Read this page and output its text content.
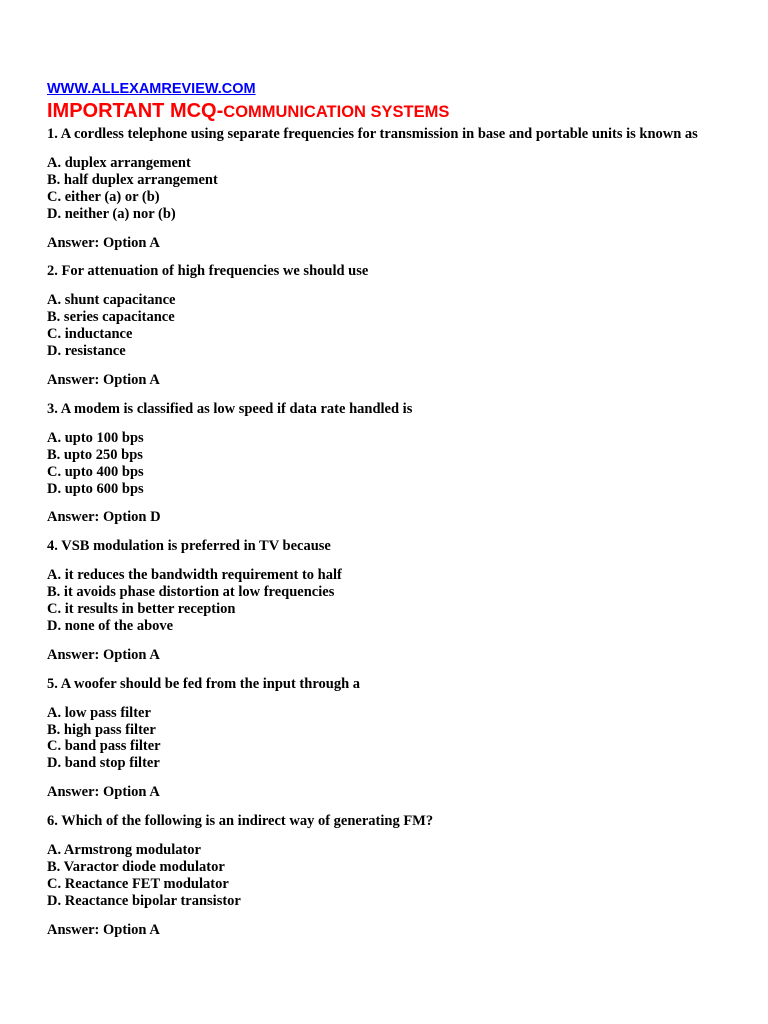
WWW.ALLEXAMREVIEW.COM
IMPORTANT MCQ-COMMUNICATION SYSTEMS

1. A cordless telephone using separate frequencies for transmission in base and portable units is known as

A. duplex arrangement
B. half duplex arrangement
C. either (a) or (b)
D. neither (a) nor (b)
Answer: Option A

2. For attenuation of high frequencies we should use

A. shunt capacitance
B. series capacitance
C. inductance
D. resistance
Answer: Option A

3. A modem is classified as low speed if data rate handled is

A. upto 100 bps
B. upto 250 bps
C. upto 400 bps
D. upto 600 bps
Answer: Option D

4. VSB modulation is preferred in TV because

A. it reduces the bandwidth requirement to half
B. it avoids phase distortion at low frequencies
C. it results in better reception
D. none of the above
Answer: Option A

5. A woofer should be fed from the input through a

A. low pass filter
B. high pass filter
C. band pass filter
D. band stop filter
Answer: Option A

6. Which of the following is an indirect way of generating FM?

A. Armstrong modulator
B. Varactor diode modulator
C. Reactance FET modulator
D. Reactance bipolar transistor
Answer: Option A
